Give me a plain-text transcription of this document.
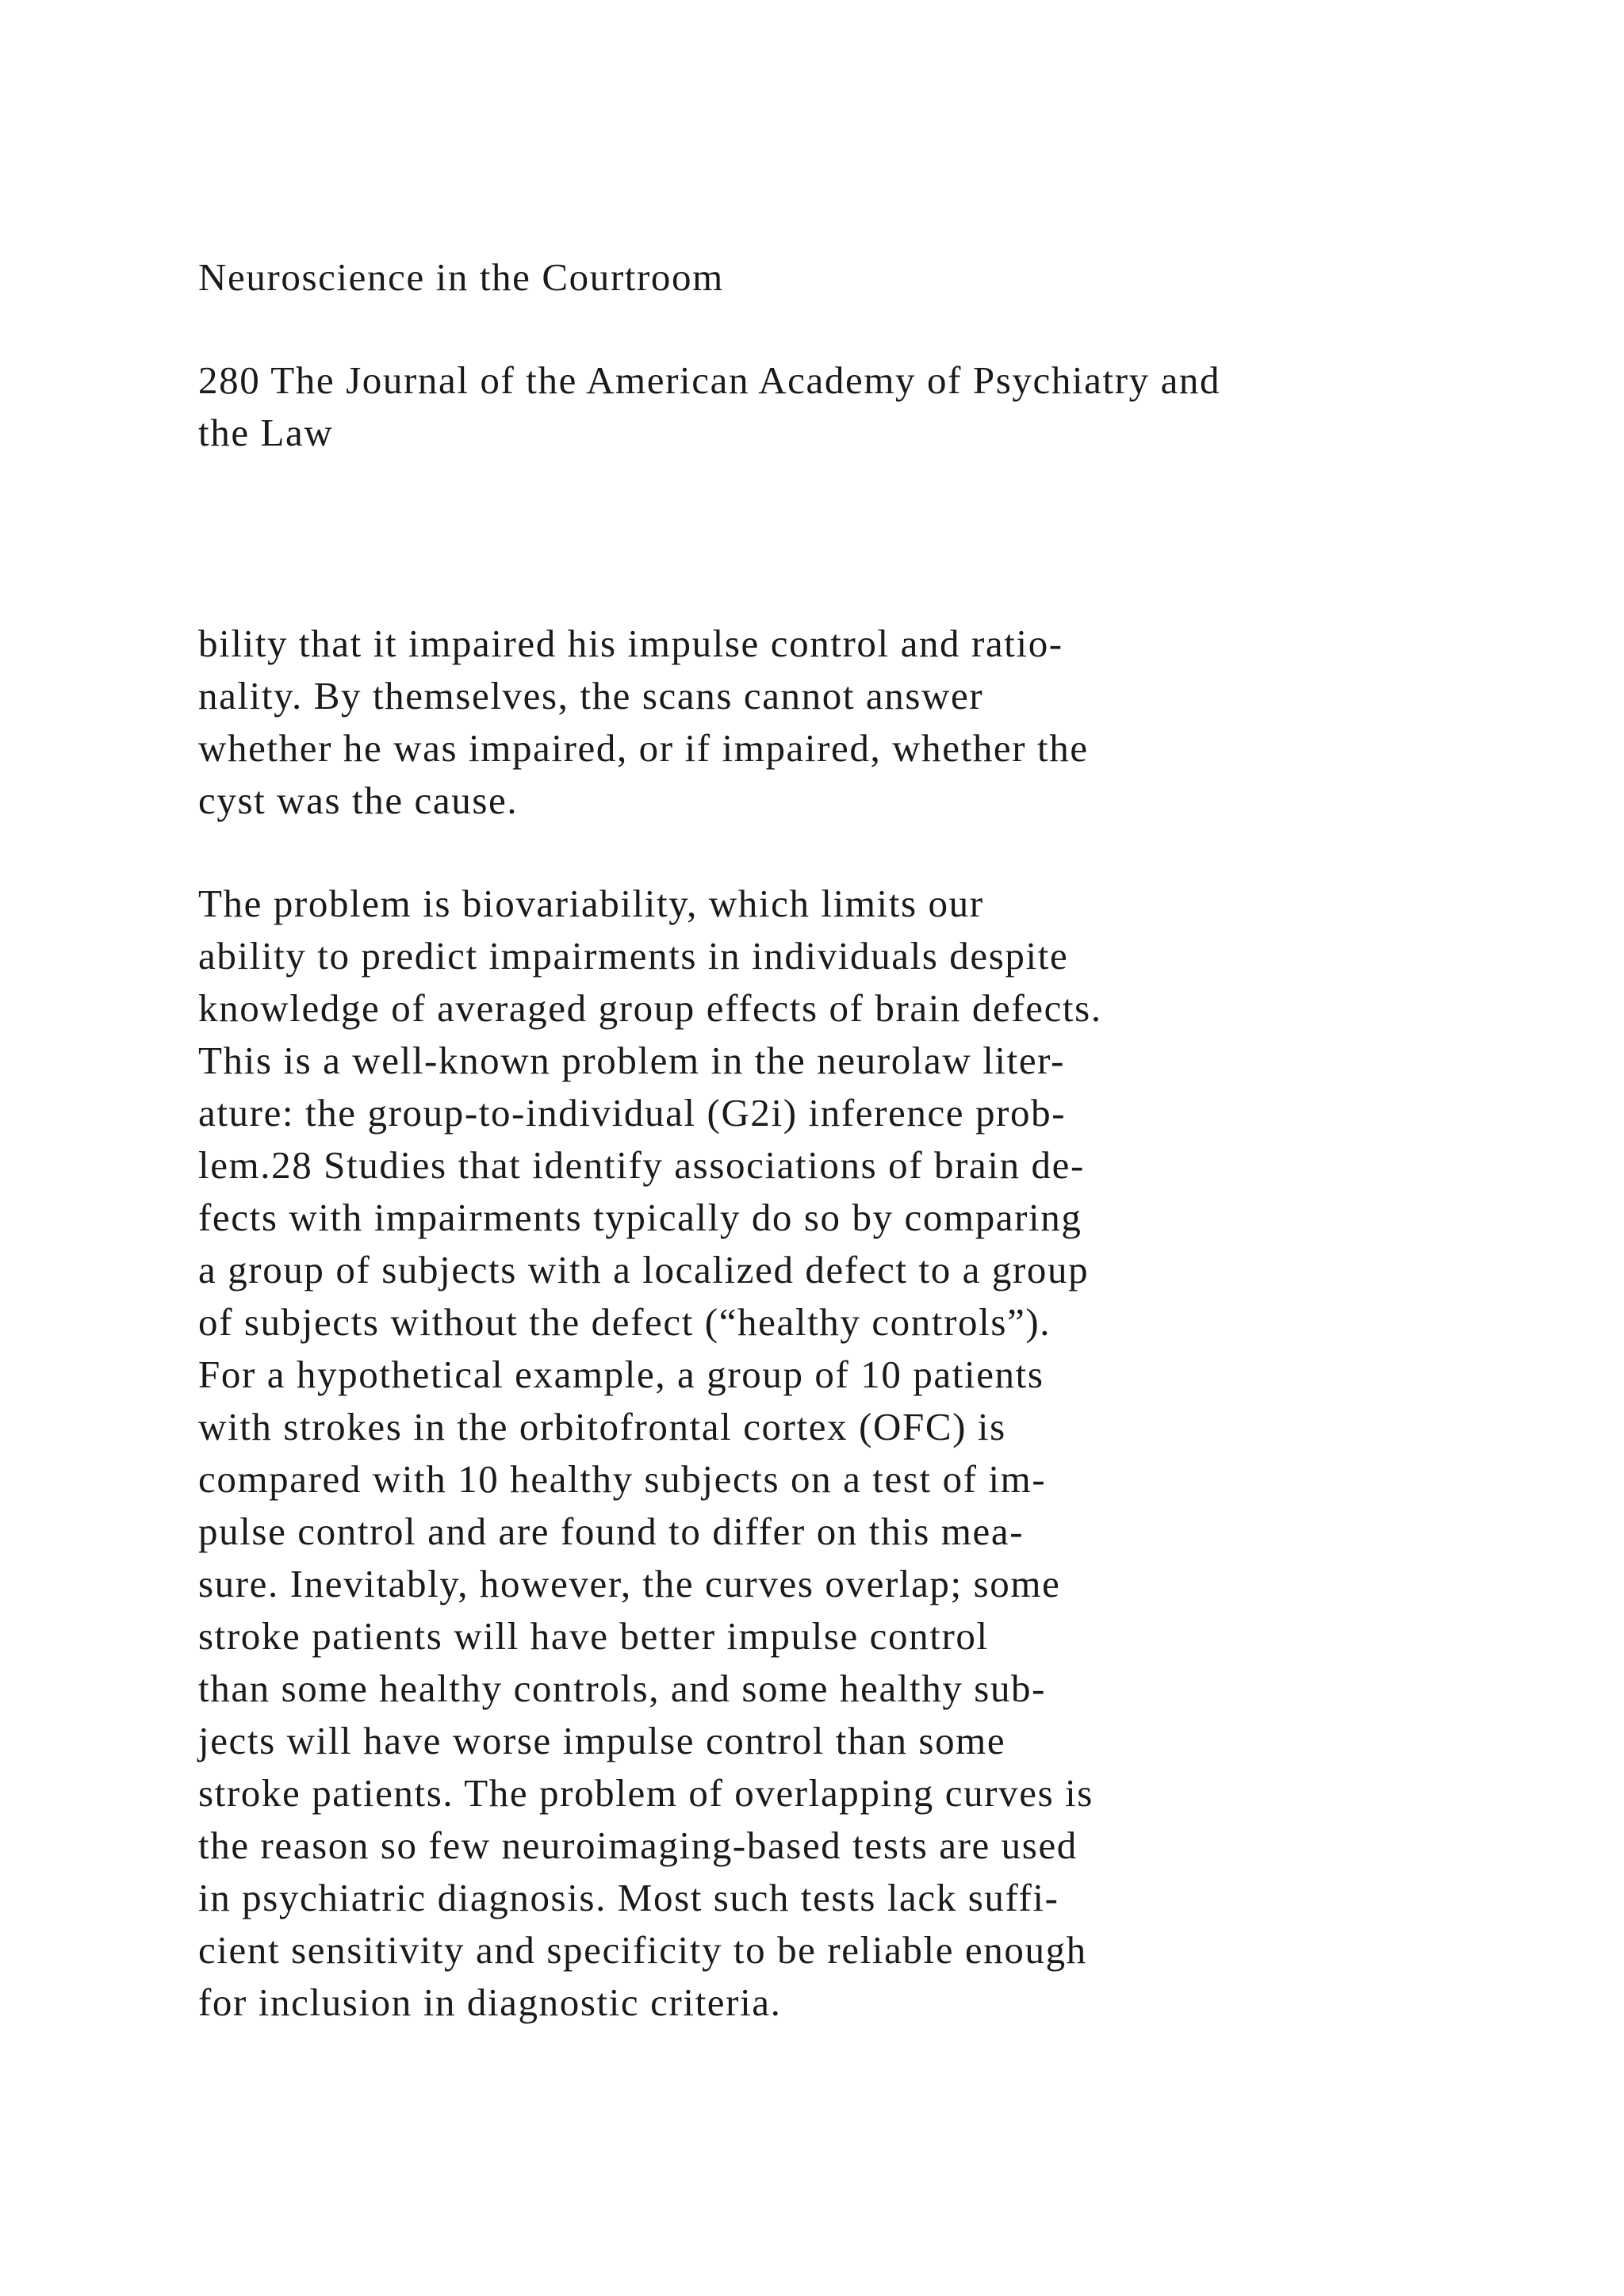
Neuroscience in the Courtroom

280 The Journal of the American Academy of Psychiatry and

the Law

bility that it impaired his impulse control and ratio-

nality. By themselves, the scans cannot answer

whether he was impaired, or if impaired, whether the

cyst was the cause.

The problem is biovariability, which limits our

ability to predict impairments in individuals despite

knowledge of averaged group effects of brain defects.

This is a well-known problem in the neurolaw liter-

ature: the group-to-individual (G2i) inference prob-

lem.28 Studies that identify associations of brain de-

fects with impairments typically do so by comparing

a group of subjects with a localized defect to a group

of subjects without the defect (“healthy controls”).

For a hypothetical example, a group of 10 patients

with strokes in the orbitofrontal cortex (OFC) is

compared with 10 healthy subjects on a test of im-

pulse control and are found to differ on this mea-

sure. Inevitably, however, the curves overlap; some

stroke patients will have better impulse control

than some healthy controls, and some healthy sub-

jects will have worse impulse control than some

stroke patients. The problem of overlapping curves is

the reason so few neuroimaging-based tests are used

in psychiatric diagnosis. Most such tests lack suffi-

cient sensitivity and specificity to be reliable enough

for inclusion in diagnostic criteria.
